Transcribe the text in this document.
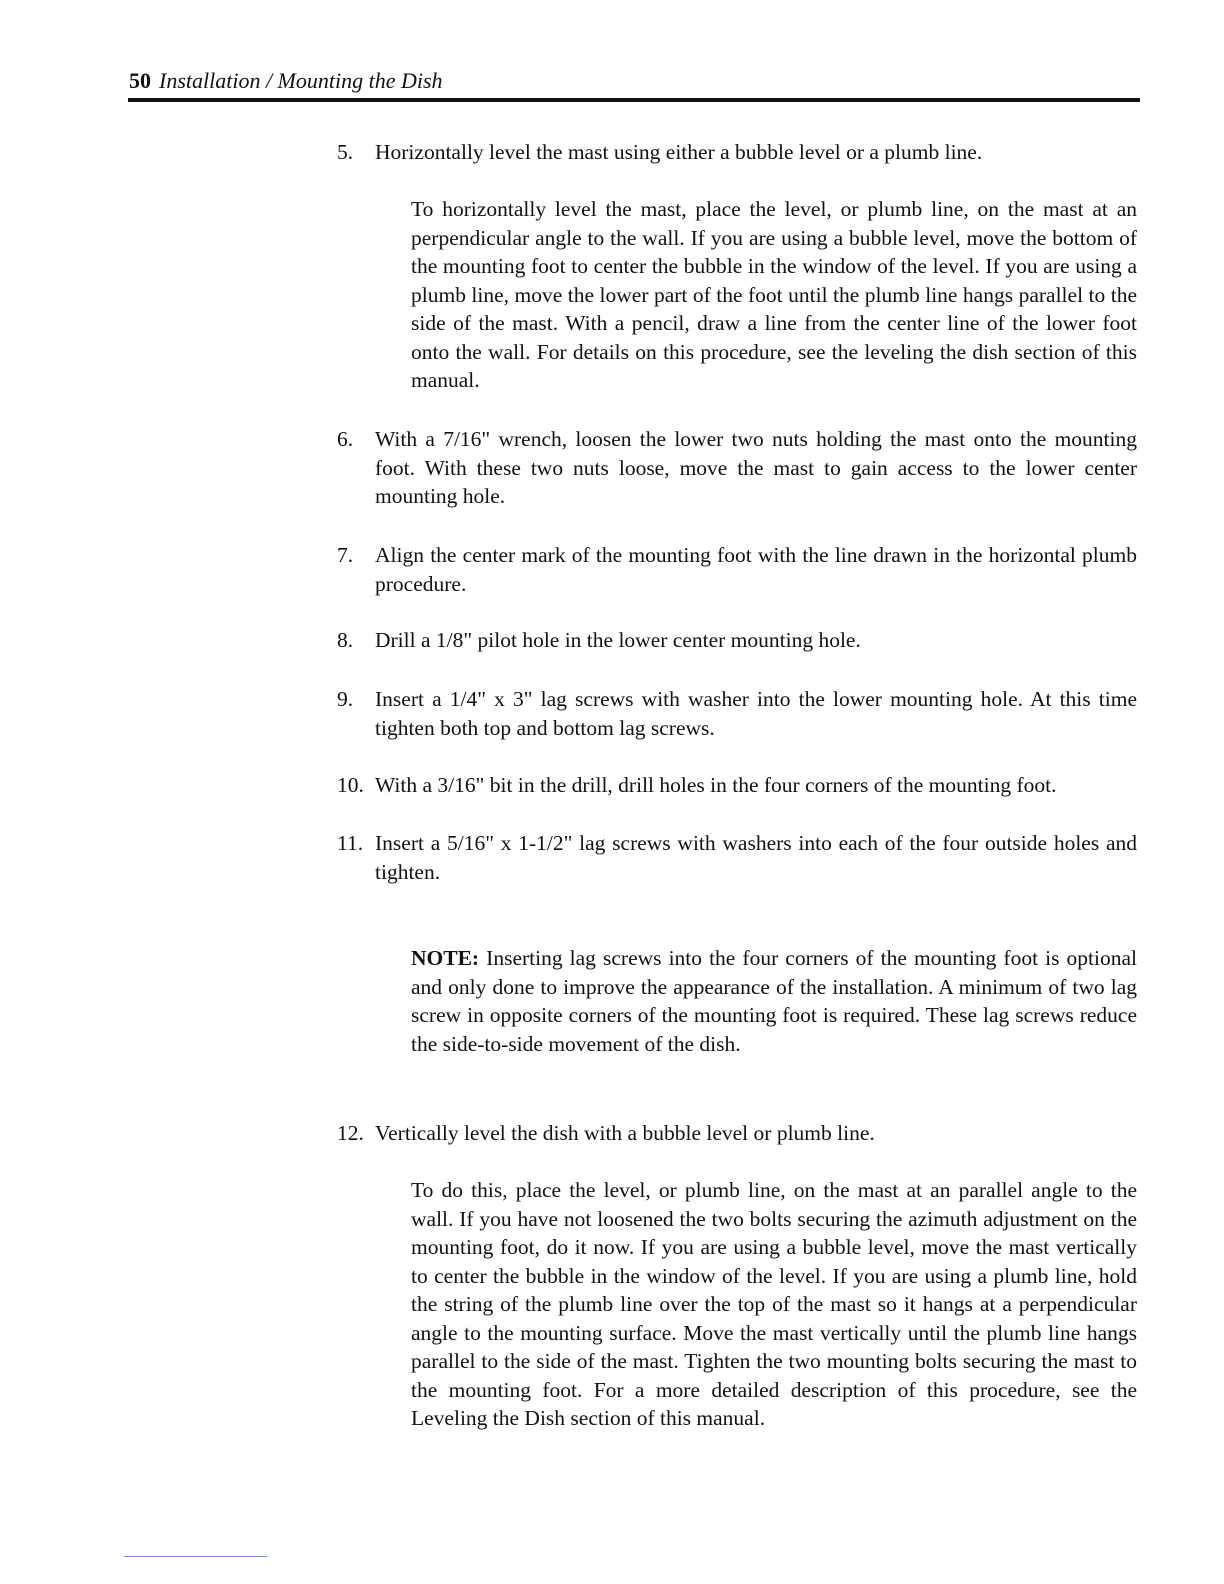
50 Installation / Mounting the Dish
5. Horizontally level the mast using either a bubble level or a plumb line.
To horizontally level the mast, place the level, or plumb line, on the mast at an perpendicular angle to the wall. If you are using a bubble level, move the bottom of the mounting foot to center the bubble in the window of the level. If you are using a plumb line, move the lower part of the foot until the plumb line hangs parallel to the side of the mast. With a pencil, draw a line from the center line of the lower foot onto the wall. For details on this procedure, see the leveling the dish section of this manual.
6. With a 7/16" wrench, loosen the lower two nuts holding the mast onto the mounting foot. With these two nuts loose, move the mast to gain access to the lower center mounting hole.
7. Align the center mark of the mounting foot with the line drawn in the horizontal plumb procedure.
8. Drill a 1/8" pilot hole in the lower center mounting hole.
9. Insert a 1/4" x 3" lag screws with washer into the lower mounting hole. At this time tighten both top and bottom lag screws.
10. With a 3/16" bit in the drill, drill holes in the four corners of the mounting foot.
11. Insert a 5/16" x 1-1/2" lag screws with washers into each of the four outside holes and tighten.
NOTE: Inserting lag screws into the four corners of the mounting foot is optional and only done to improve the appearance of the installation. A minimum of two lag screw in opposite corners of the mounting foot is required. These lag screws reduce the side-to-side movement of the dish.
12. Vertically level the dish with a bubble level or plumb line.
To do this, place the level, or plumb line, on the mast at an parallel angle to the wall. If you have not loosened the two bolts securing the azimuth adjustment on the mounting foot, do it now. If you are using a bubble level, move the mast vertically to center the bubble in the window of the level. If you are using a plumb line, hold the string of the plumb line over the top of the mast so it hangs at a perpendicular angle to the mounting surface. Move the mast vertically until the plumb line hangs parallel to the side of the mast. Tighten the two mounting bolts securing the mast to the mounting foot. For a more detailed description of this procedure, see the Leveling the Dish section of this manual.
